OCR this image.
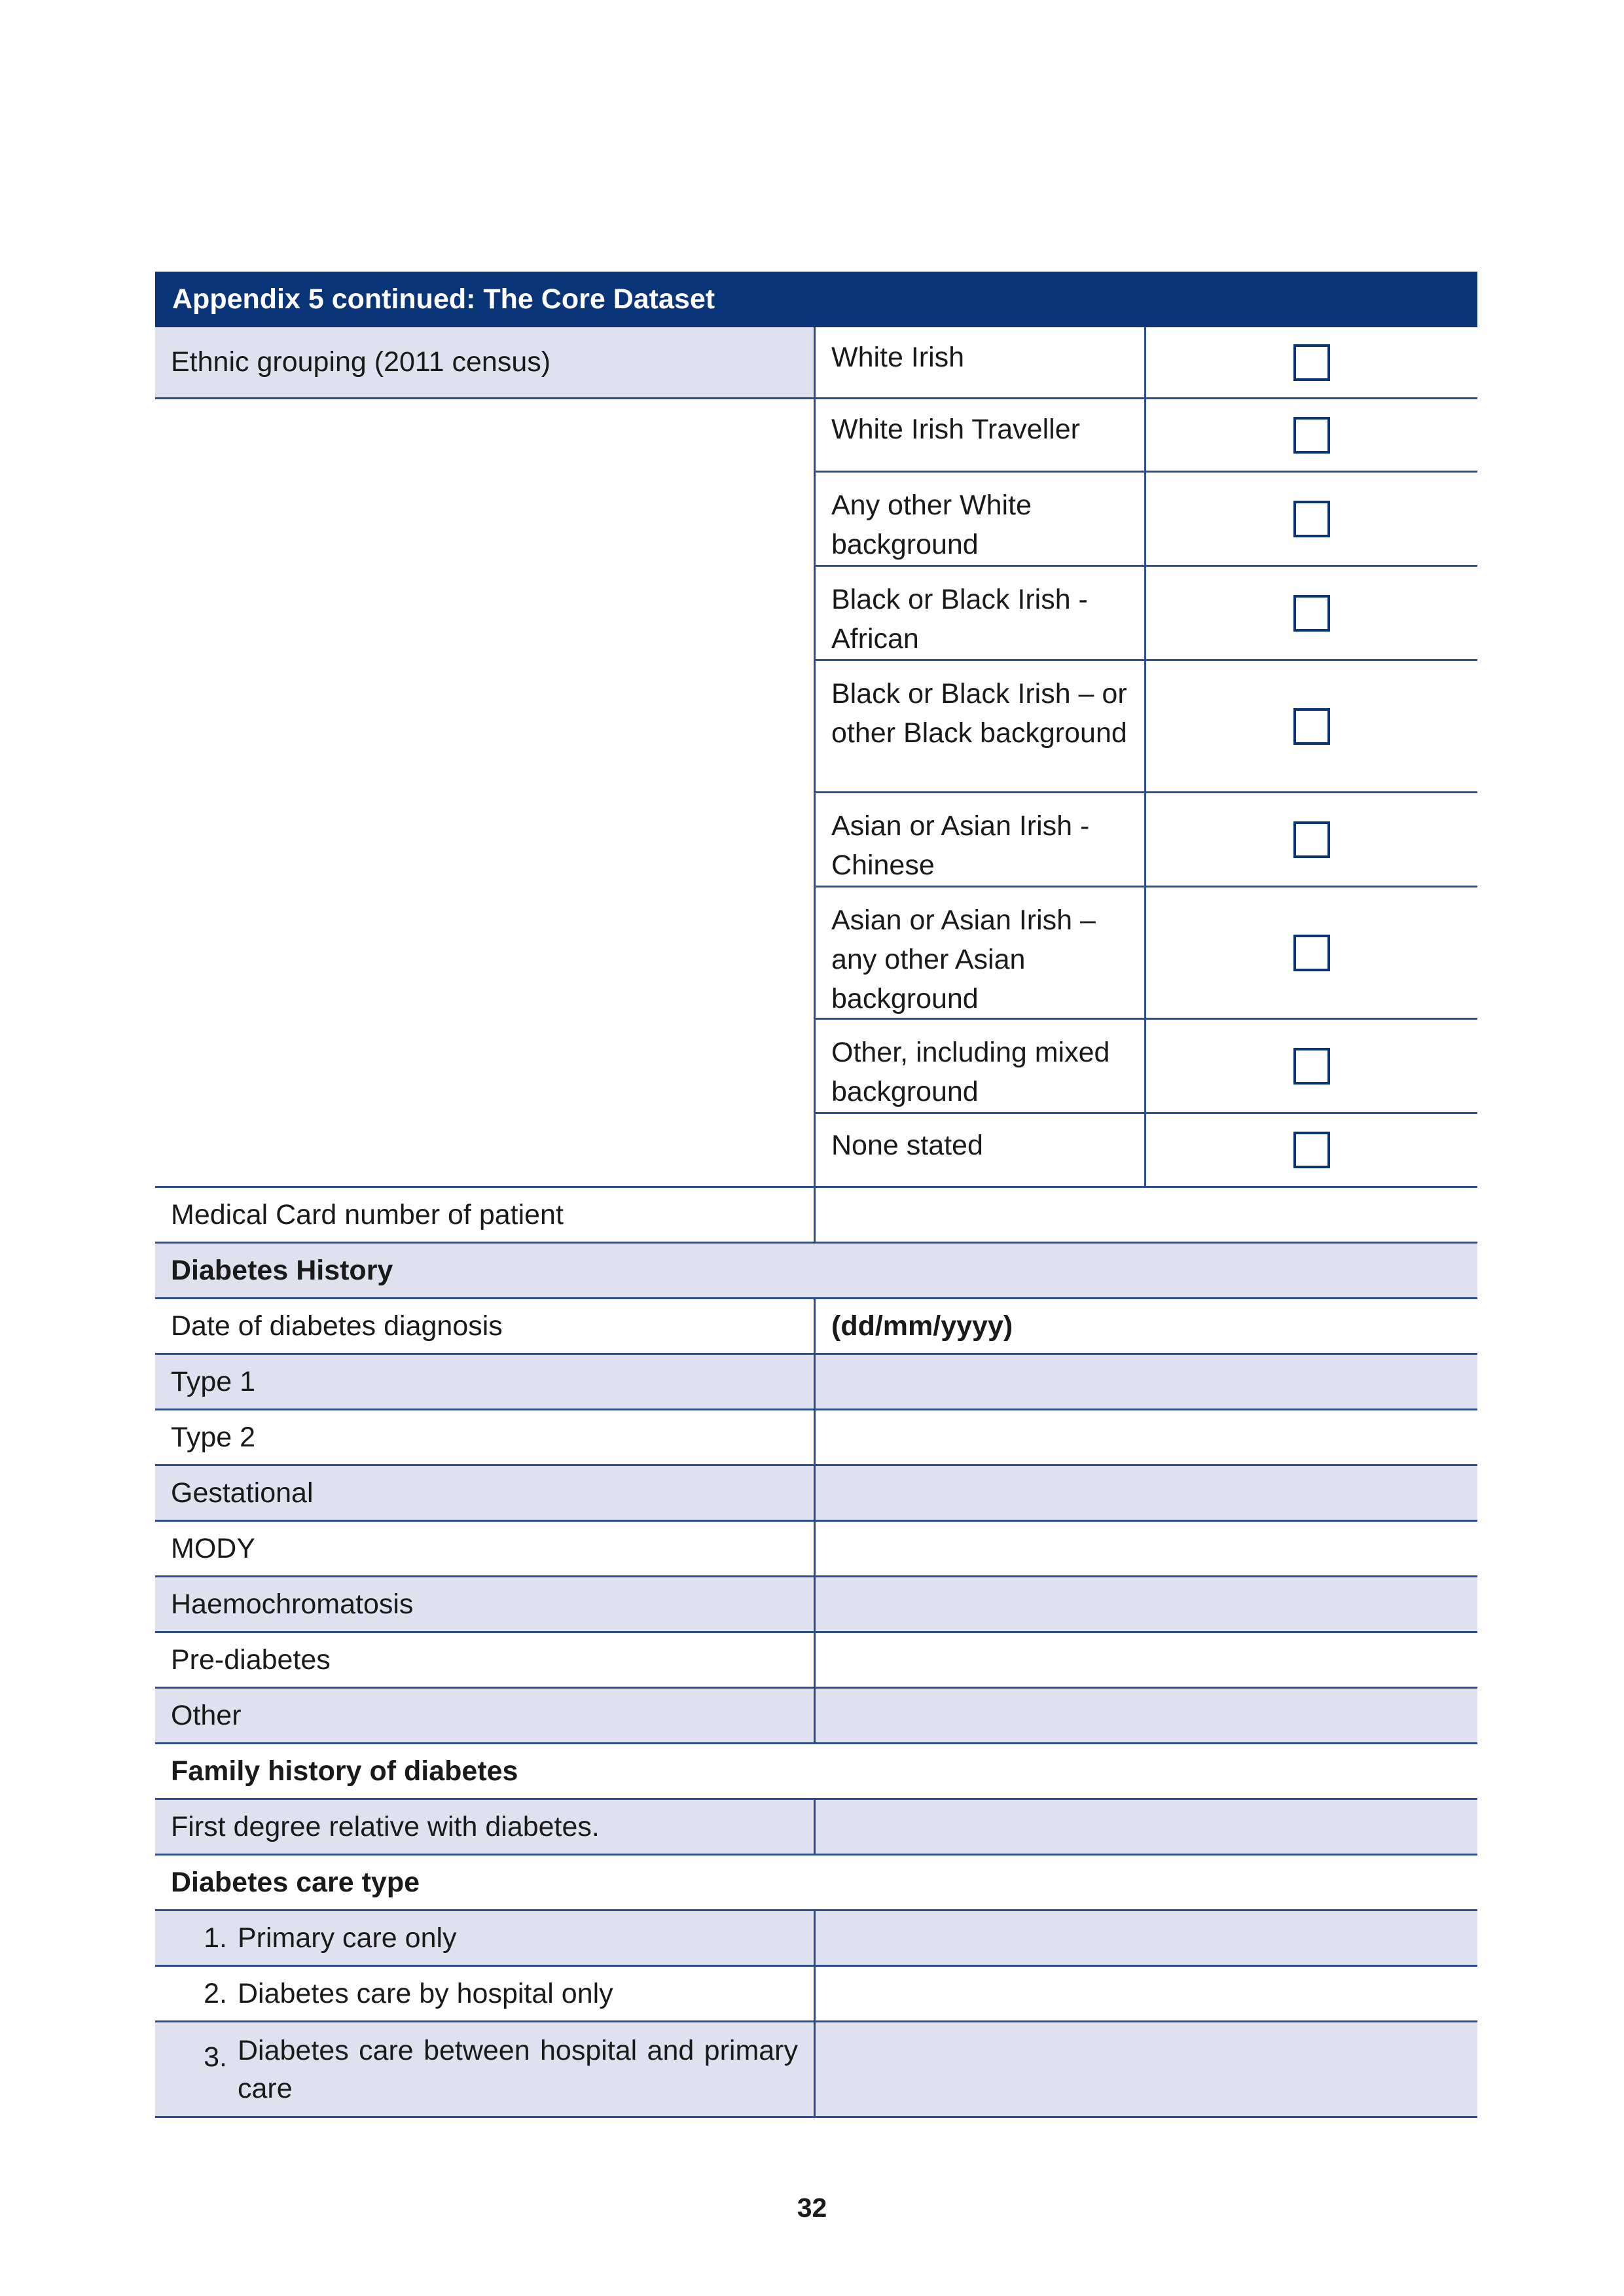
Appendix 5 continued: The Core Dataset
Ethnic grouping (2011 census)	White Irish
White Irish Traveller
Any other White background
Black or Black Irish - African
Black or Black Irish – or other Black background
Asian or Asian Irish - Chinese
Asian or Asian Irish – any other Asian background
Other, including mixed background
None stated
Medical Card number of patient
Diabetes History
Date of diabetes diagnosis	(dd/mm/yyyy)
Type 1
Type 2
Gestational
MODY
Haemochromatosis
Pre-diabetes
Other
Family history of diabetes
First degree relative with diabetes.
Diabetes care type
1. Primary care only
2. Diabetes care by hospital only
3. Diabetes care between hospital and primary care
32
